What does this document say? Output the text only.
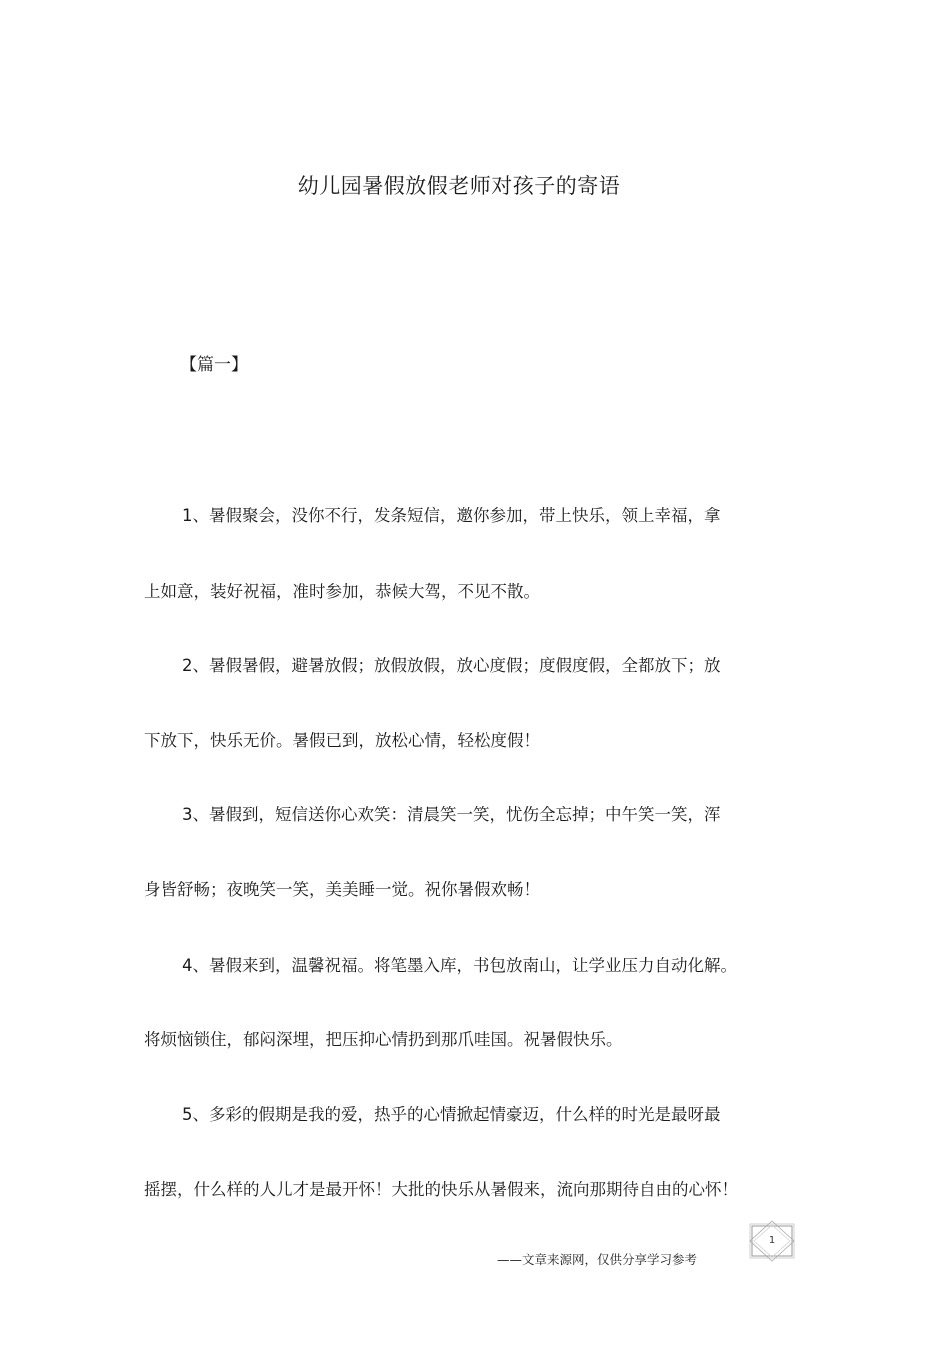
幼儿园暑假放假老师对孩子的寄语
【篇一】
1、暑假聚会，没你不行，发条短信，邀你参加，带上快乐，领上幸福，拿
上如意，装好祝福，准时参加，恭候大驾，不见不散。
2、暑假暑假，避暑放假；放假放假，放心度假；度假度假，全都放下；放
下放下，快乐无价。暑假已到，放松心情，轻松度假！
3、暑假到，短信送你心欢笑：清晨笑一笑，忧伤全忘掉；中午笑一笑，浑
身皆舒畅；夜晚笑一笑，美美睡一觉。祝你暑假欢畅！
4、暑假来到，温馨祝福。将笔墨入库，书包放南山，让学业压力自动化解。
将烦恼锁住，郁闷深埋，把压抑心情扔到那爪哇国。祝暑假快乐。
5、多彩的假期是我的爱，热乎的心情掀起情豪迈，什么样的时光是最呀最
摇摆，什么样的人儿才是最开怀！大批的快乐从暑假来，流向那期待自由的心怀！
——文章来源网，仅供分享学习参考
1
